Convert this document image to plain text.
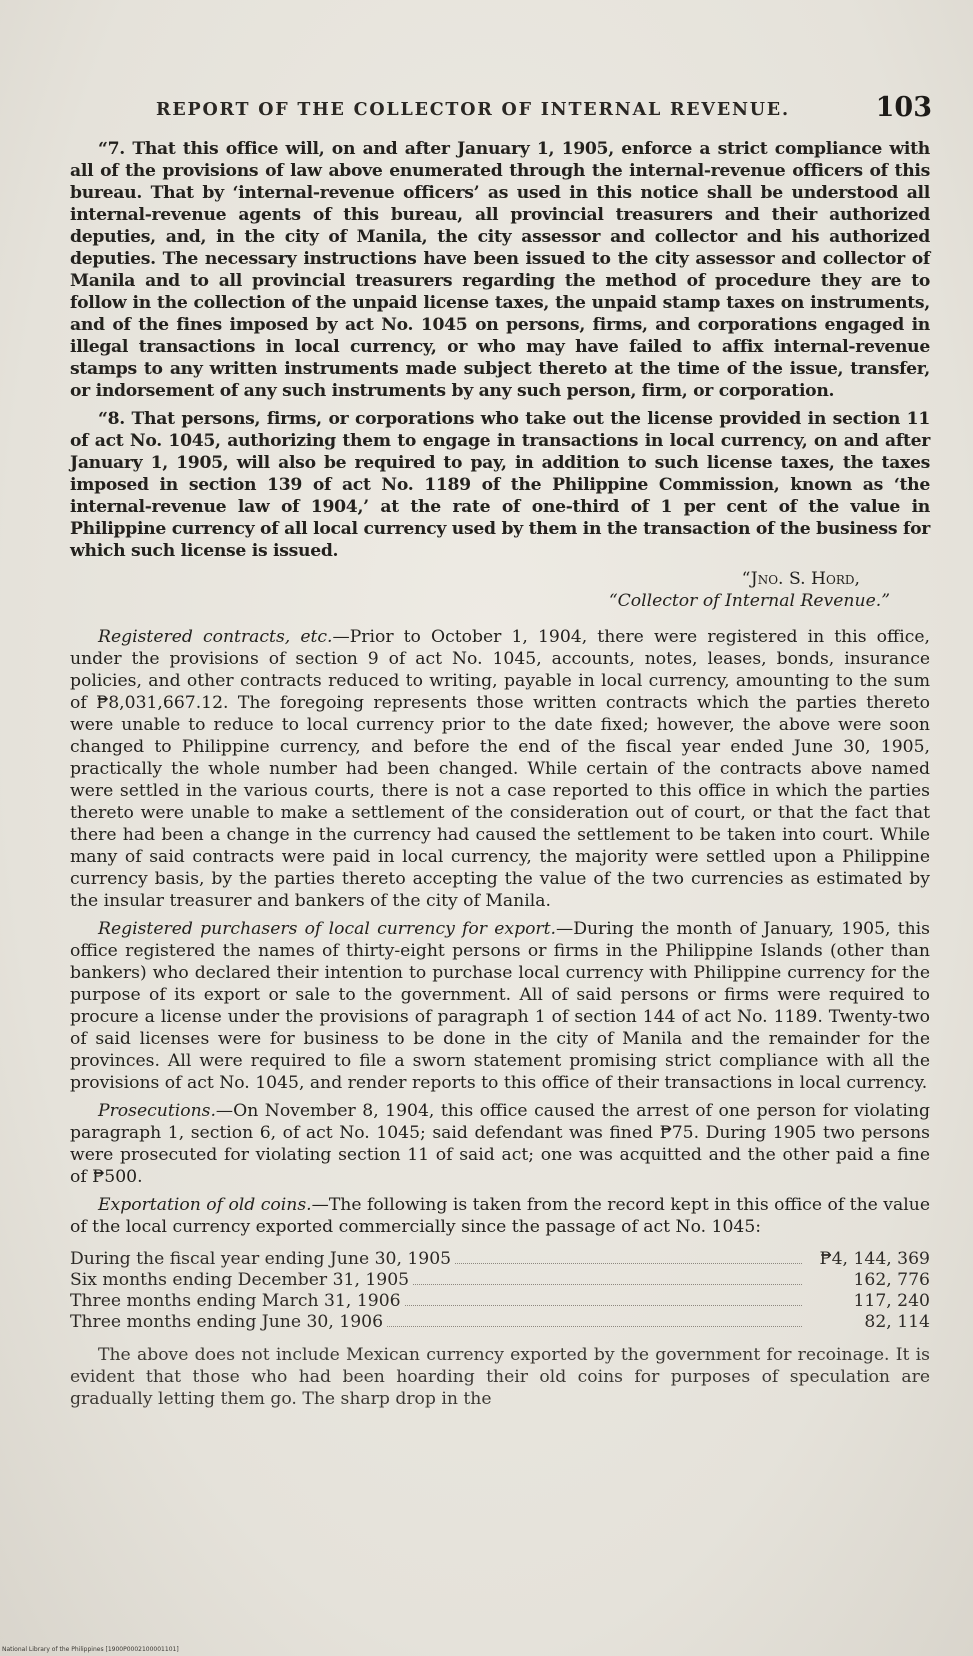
REPORT OF THE COLLECTOR OF INTERNAL REVENUE.	103

“7. That this office will, on and after January 1, 1905, enforce a strict compliance with all of the provisions of law above enumerated through the internal-revenue officers of this bureau. That by ‘internal-revenue officers’ as used in this notice shall be understood all internal-revenue agents of this bureau, all provincial treasurers and their authorized deputies, and, in the city of Manila, the city assessor and collector and his authorized deputies. The necessary instructions have been issued to the city assessor and collector of Manila and to all provincial treasurers regarding the method of procedure they are to follow in the collection of the unpaid license taxes, the unpaid stamp taxes on instruments, and of the fines imposed by act No. 1045 on persons, firms, and corporations engaged in illegal transactions in local currency, or who may have failed to affix internal-revenue stamps to any written instruments made subject thereto at the time of the issue, transfer, or indorsement of any such instruments by any such person, firm, or corporation.

“8. That persons, firms, or corporations who take out the license provided in section 11 of act No. 1045, authorizing them to engage in transactions in local currency, on and after January 1, 1905, will also be required to pay, in addition to such license taxes, the taxes imposed in section 139 of act No. 1189 of the Philippine Commission, known as ‘the internal-revenue law of 1904,’ at the rate of one-third of 1 per cent of the value in Philippine currency of all local currency used by them in the transaction of the business for which such license is issued.

“Jno. S. Hord,
“Collector of Internal Revenue.”

Registered contracts, etc.—Prior to October 1, 1904, there were registered in this office, under the provisions of section 9 of act No. 1045, accounts, notes, leases, bonds, insurance policies, and other contracts reduced to writing, payable in local currency, amounting to the sum of ₱8,031,667.12. The foregoing represents those written contracts which the parties thereto were unable to reduce to local currency prior to the date fixed; however, the above were soon changed to Philippine currency, and before the end of the fiscal year ended June 30, 1905, practically the whole number had been changed. While certain of the contracts above named were settled in the various courts, there is not a case reported to this office in which the parties thereto were unable to make a settlement of the consideration out of court, or that the fact that there had been a change in the currency had caused the settlement to be taken into court. While many of said contracts were paid in local currency, the majority were settled upon a Philippine currency basis, by the parties thereto accepting the value of the two currencies as estimated by the insular treasurer and bankers of the city of Manila.

Registered purchasers of local currency for export.—During the month of January, 1905, this office registered the names of thirty-eight persons or firms in the Philippine Islands (other than bankers) who declared their intention to purchase local currency with Philippine currency for the purpose of its export or sale to the government. All of said persons or firms were required to procure a license under the provisions of paragraph 1 of section 144 of act No. 1189. Twenty-two of said licenses were for business to be done in the city of Manila and the remainder for the provinces. All were required to file a sworn statement promising strict compliance with all the provisions of act No. 1045, and render reports to this office of their transactions in local currency.

Prosecutions.—On November 8, 1904, this office caused the arrest of one person for violating paragraph 1, section 6, of act No. 1045; said defendant was fined ₱75. During 1905 two persons were prosecuted for violating section 11 of said act; one was acquitted and the other paid a fine of ₱500.

Exportation of old coins.—The following is taken from the record kept in this office of the value of the local currency exported commercially since the passage of act No. 1045:

During the fiscal year ending June 30, 1905	₱4, 144, 369
Six months ending December 31, 1905	162, 776
Three months ending March 31, 1906	117, 240
Three months ending June 30, 1906	82, 114

The above does not include Mexican currency exported by the government for recoinage. It is evident that those who had been hoarding their old coins for purposes of speculation are gradually letting them go. The sharp drop in the

National Library of the Philippines [1900P0002100001101]
